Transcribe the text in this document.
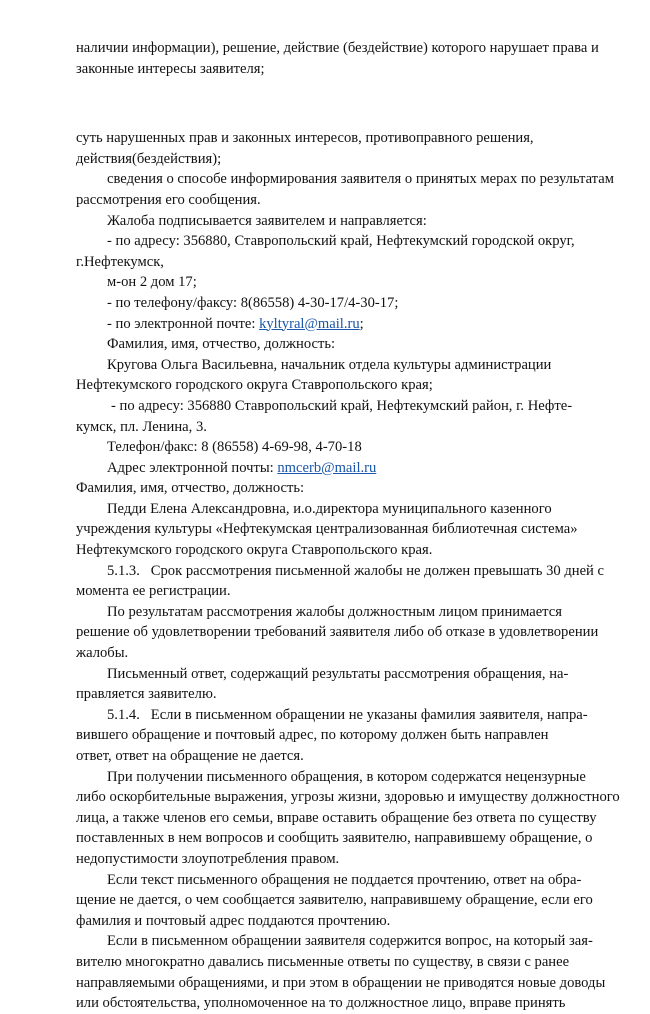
наличии информации), решение, действие (бездействие) которого нарушает права и
законные интересы заявителя;
суть нарушенных прав и законных интересов, противоправного решения,
действия(бездействия);
сведения о способе информирования заявителя о принятых мерах по результатам
рассмотрения его сообщения.
Жалоба подписывается заявителем и направляется:
- по адресу: 356880, Ставропольский край, Нефтекумский городской округ,
г.Нефтекумск,
м-он 2 дом 17;
- по телефону/факсу: 8(86558) 4-30-17/4-30-17;
- по электронной почте: kyltyral@mail.ru;
Фамилия, имя, отчество, должность:
Кругова Ольга Васильевна, начальник отдела культуры администрации
Нефтекумского городского округа Ставропольского края;
- по адресу: 356880 Ставропольский край, Нефтекумский район, г. Нефте-
кумск, пл. Ленина, 3.
Телефон/факс: 8 (86558) 4-69-98, 4-70-18
Адрес электронной почты: nmcerb@mail.ru
Фамилия, имя, отчество, должность:
Педди Елена Александровна, и.о.директора муниципального казенного
учреждения культуры «Нефтекумская централизованная библиотечная система»
Нефтекумского городского округа Ставропольского края.
5.1.3.   Срок рассмотрения письменной жалобы не должен превышать 30 дней с
момента ее регистрации.
По результатам рассмотрения жалобы должностным лицом принимается
решение об удовлетворении требований заявителя либо об отказе в удовлетворении
жалобы.
Письменный ответ, содержащий результаты рассмотрения обращения, на-
правляется заявителю.
5.1.4.   Если в письменном обращении не указаны фамилия заявителя, напра-
вившего обращение и почтовый адрес, по которому должен быть направлен
ответ, ответ на обращение не дается.
При получении письменного обращения, в котором содержатся нецензурные
либо оскорбительные выражения, угрозы жизни, здоровью и имуществу должностного
лица, а также членов его семьи, вправе оставить обращение без ответа по существу
поставленных в нем вопросов и сообщить заявителю, направившему обращение, о
недопустимости злоупотребления правом.
Если текст письменного обращения не поддается прочтению, ответ на обра-
щение не дается, о чем сообщается заявителю, направившему обращение, если его
фамилия и почтовый адрес поддаются прочтению.
Если в письменном обращении заявителя содержится вопрос, на который зая-
вителю многократно давались письменные ответы по существу, в связи с ранее
направляемыми обращениями, и при этом в обращении не приводятся новые доводы
или обстоятельства, уполномоченное на то должностное лицо, вправе принять
